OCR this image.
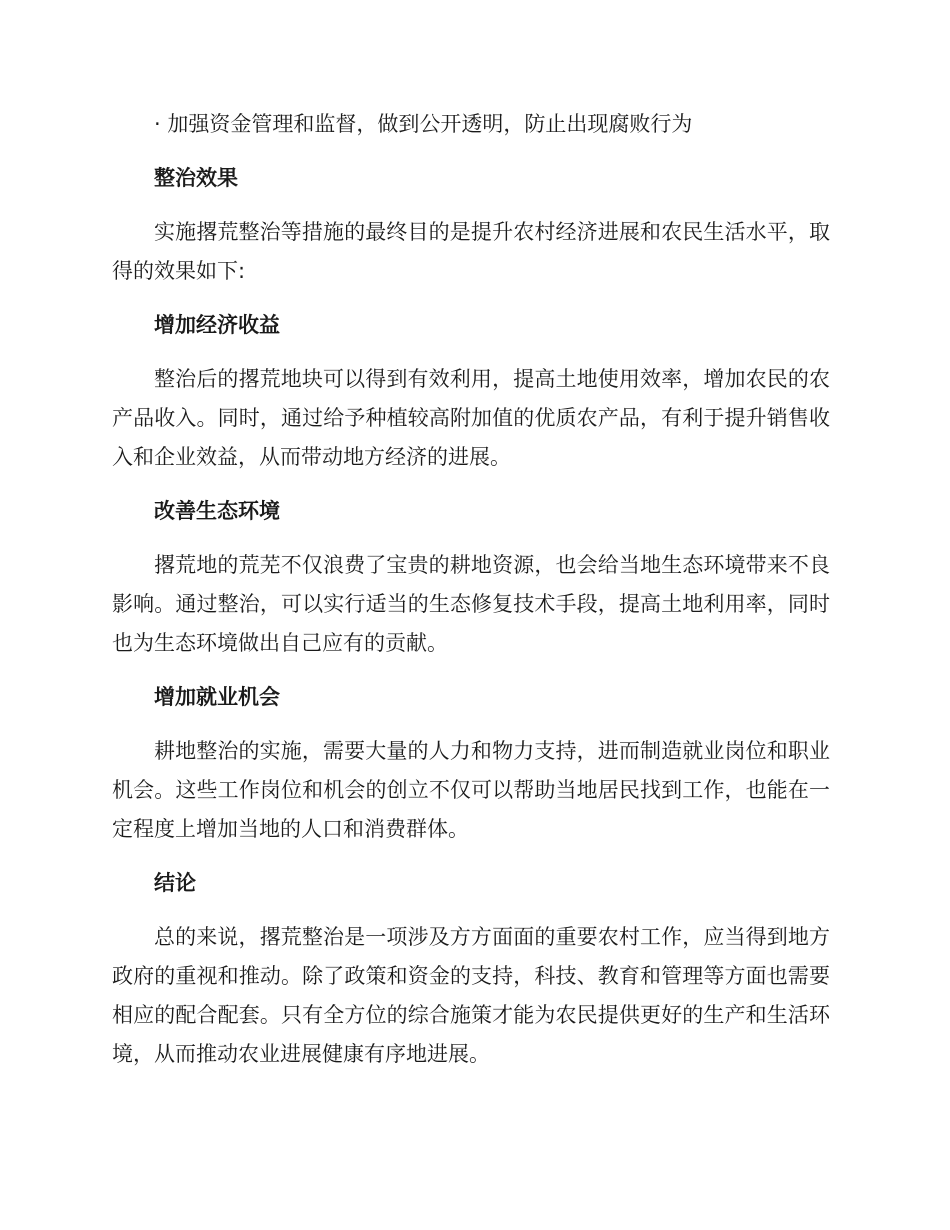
· 加强资金管理和监督，做到公开透明，防止出现腐败行为

整治效果

实施撂荒整治等措施的最终目的是提升农村经济进展和农民生活水平，取得的效果如下:

增加经济收益

整治后的撂荒地块可以得到有效利用，提高土地使用效率，增加农民的农产品收入。同时，通过给予种植较高附加值的优质农产品，有利于提升销售收入和企业效益，从而带动地方经济的进展。

改善生态环境

撂荒地的荒芜不仅浪费了宝贵的耕地资源，也会给当地生态环境带来不良影响。通过整治，可以实行适当的生态修复技术手段，提高土地利用率，同时也为生态环境做出自己应有的贡献。

增加就业机会

耕地整治的实施，需要大量的人力和物力支持，进而制造就业岗位和职业机会。这些工作岗位和机会的创立不仅可以帮助当地居民找到工作，也能在一定程度上增加当地的人口和消费群体。

结论

总的来说，撂荒整治是一项涉及方方面面的重要农村工作，应当得到地方政府的重视和推动。除了政策和资金的支持，科技、教育和管理等方面也需要相应的配合配套。只有全方位的综合施策才能为农民提供更好的生产和生活环境，从而推动农业进展健康有序地进展。
